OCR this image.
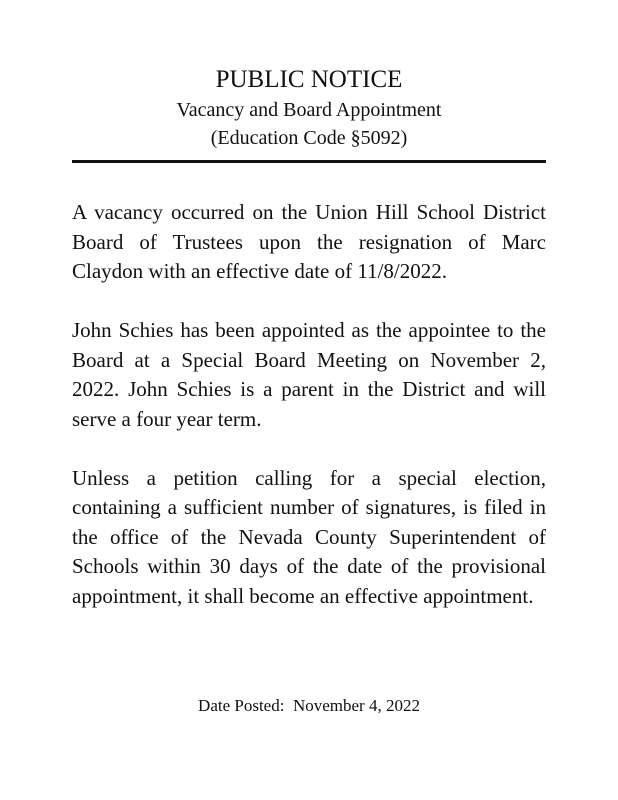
PUBLIC NOTICE
Vacancy and Board Appointment
(Education Code §5092)

A vacancy occurred on the Union Hill School District Board of Trustees upon the resignation of Marc Claydon with an effective date of 11/8/2022.

John Schies has been appointed as the appointee to the Board at a Special Board Meeting on November 2, 2022. John Schies is a parent in the District and will serve a four year term.

Unless a petition calling for a special election, containing a sufficient number of signatures, is filed in the office of the Nevada County Superintendent of Schools within 30 days of the date of the provisional appointment, it shall become an effective appointment.

Date Posted:  November 4, 2022
